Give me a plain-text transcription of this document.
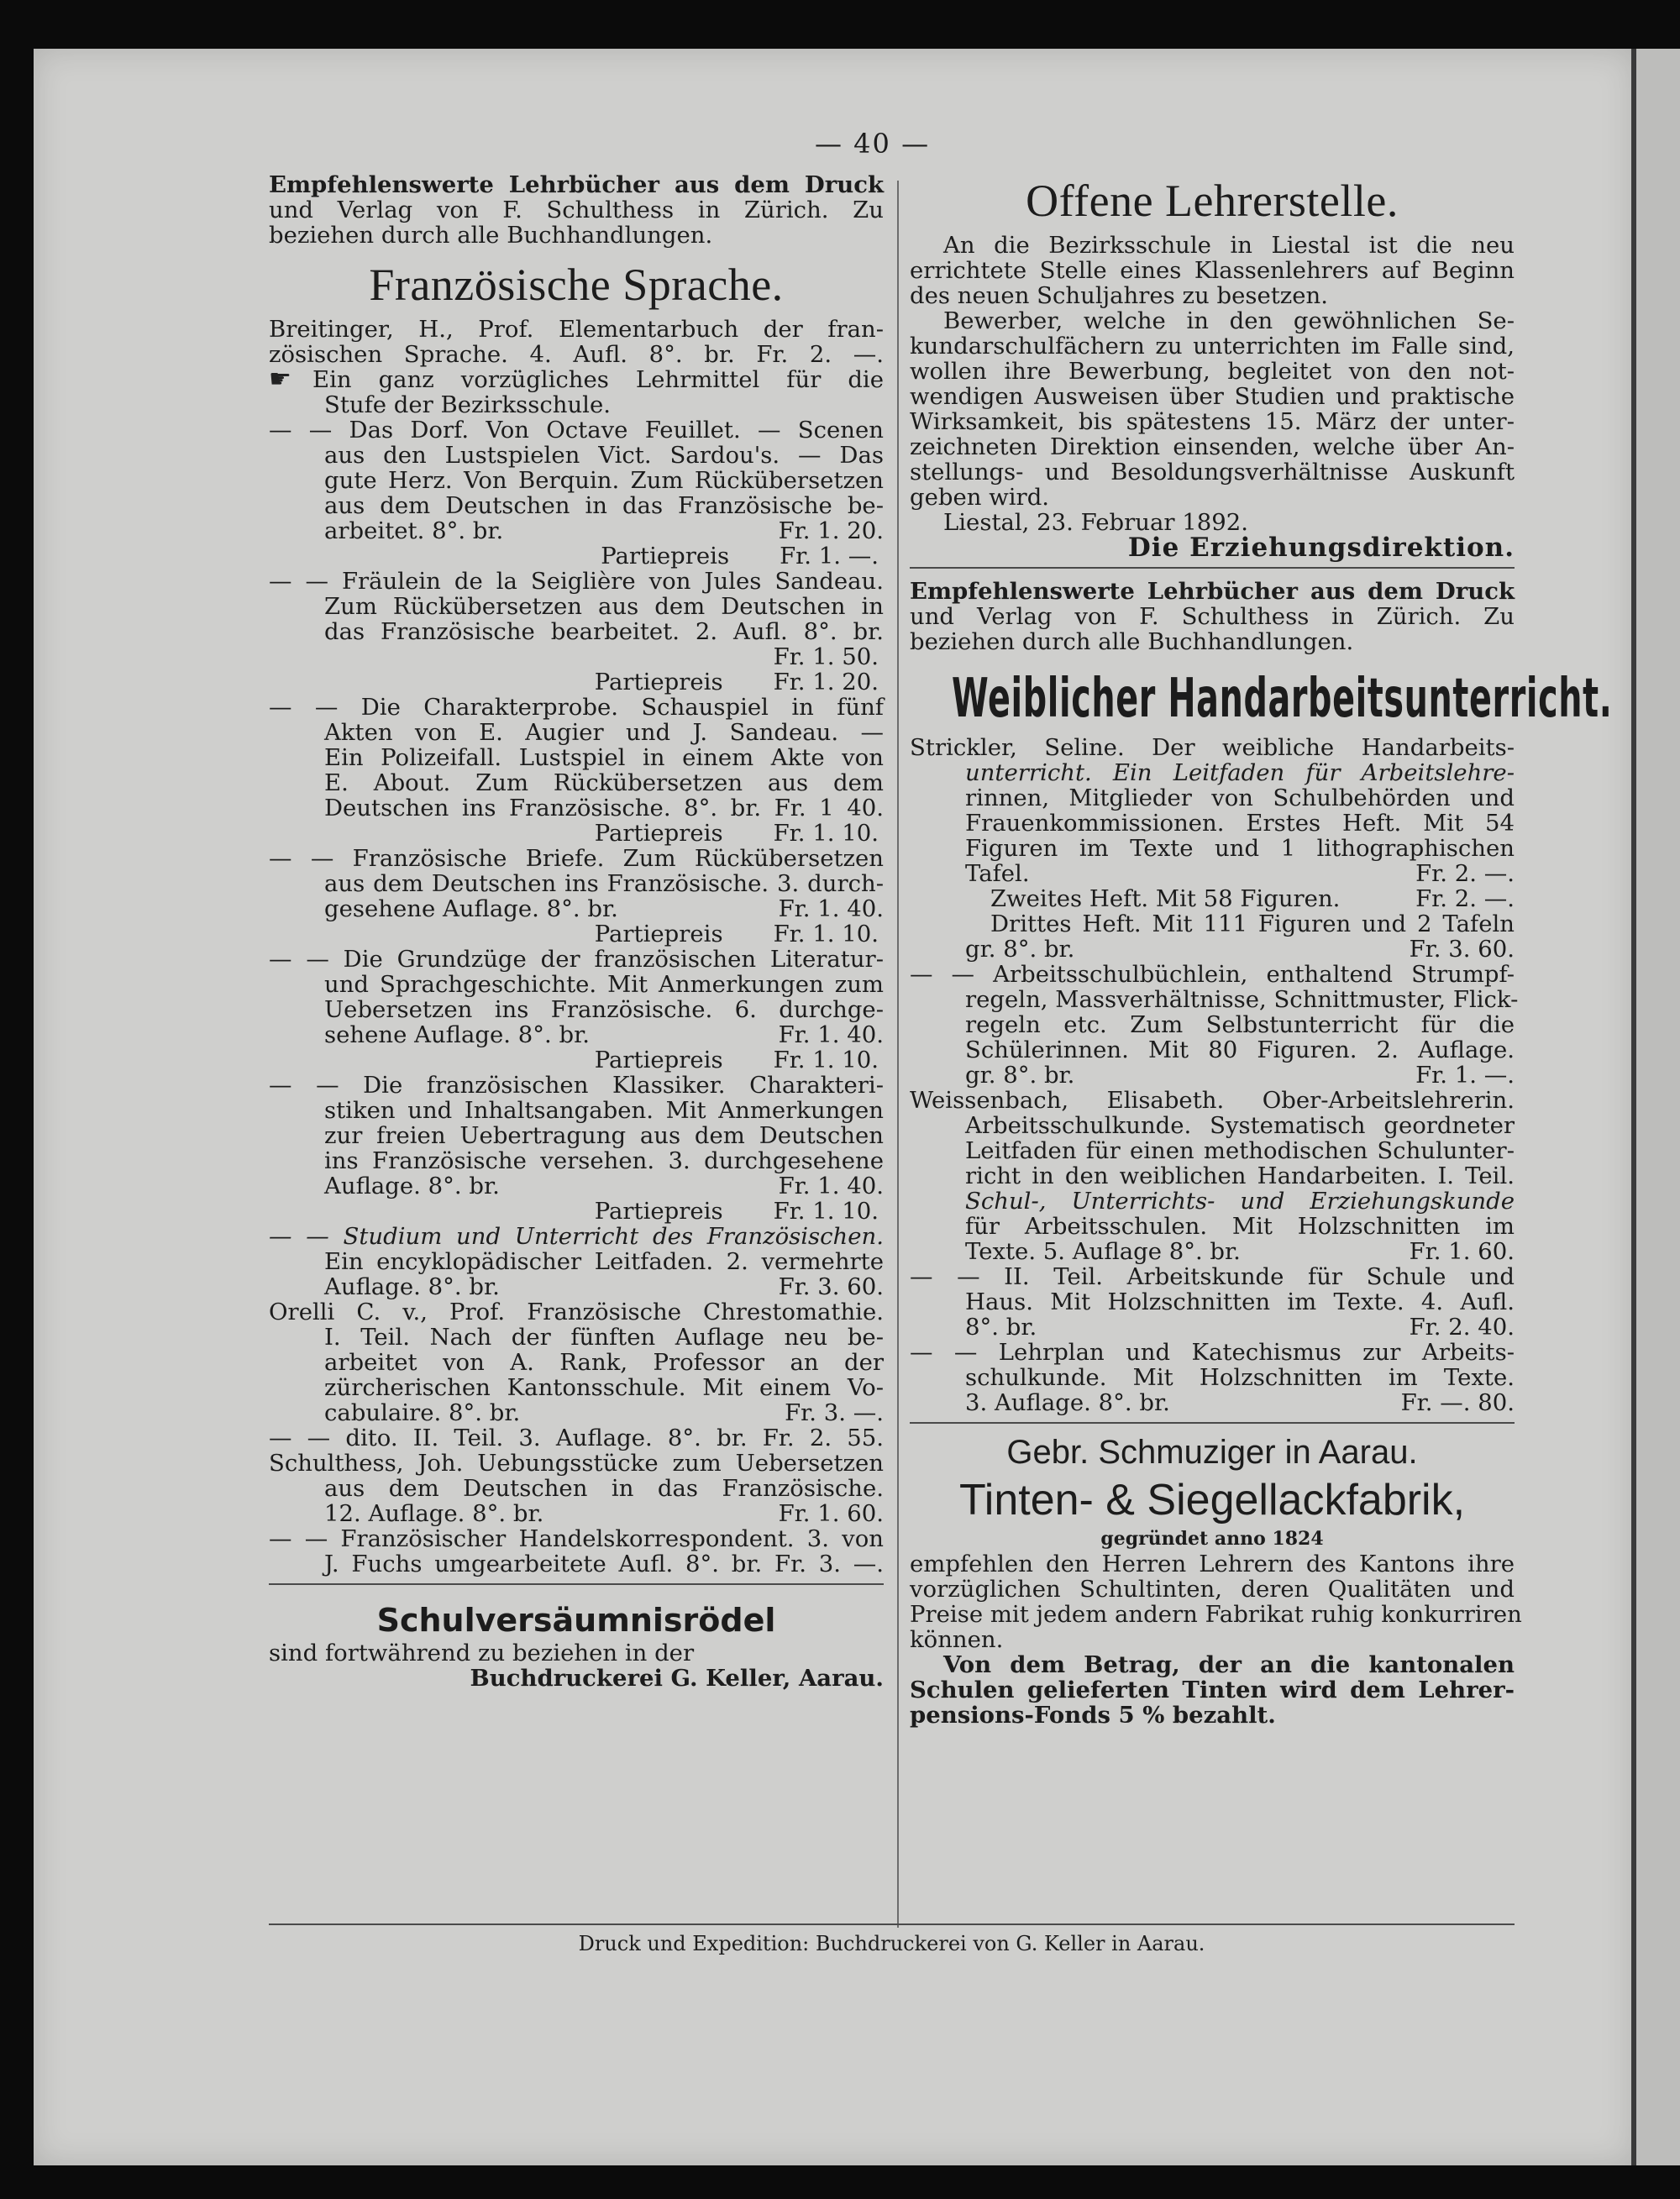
— 40 —
Empfehlenswerte Lehrbücher aus dem Druck
und Verlag von F. Schulthess in Zürich. Zu
beziehen durch alle Buchhandlungen.
Französische Sprache.
Breitinger, H., Prof. Elementarbuch der fran-
zösischen Sprache. 4. Aufl. 8°. br. Fr. 2. —.
☛ Ein ganz vorzügliches Lehrmittel für die
Stufe der Bezirksschule.
— — Das Dorf. Von Octave Feuillet. — Scenen
aus den Lustspielen Vict. Sardou's. — Das
gute Herz. Von Berquin. Zum Rückübersetzen
aus dem Deutschen in das Französische be-
arbeitet. 8°. br.	Fr. 1. 20.
Partiepreis Fr. 1. —.
— — Fräulein de la Seiglière von Jules Sandeau.
Zum Rückübersetzen aus dem Deutschen in
das Französische bearbeitet. 2. Aufl. 8°. br.
Fr. 1. 50.
Partiepreis Fr. 1. 20.
— — Die Charakterprobe. Schauspiel in fünf
Akten von E. Augier und J. Sandeau. —
Ein Polizeifall. Lustspiel in einem Akte von
E. About. Zum Rückübersetzen aus dem
Deutschen ins Französische. 8°. br. Fr. 1 40.
Partiepreis Fr. 1. 10.
— — Französische Briefe. Zum Rückübersetzen
aus dem Deutschen ins Französische. 3. durch-
gesehene Auflage. 8°. br.	Fr. 1. 40.
Partiepreis Fr. 1. 10.
— — Die Grundzüge der französischen Literatur-
und Sprachgeschichte. Mit Anmerkungen zum
Uebersetzen ins Französische. 6. durchge-
sehene Auflage. 8°. br.	Fr. 1. 40.
Partiepreis Fr. 1. 10.
— — Die französischen Klassiker. Charakteri-
stiken und Inhaltsangaben. Mit Anmerkungen
zur freien Uebertragung aus dem Deutschen
ins Französische versehen. 3. durchgesehene
Auflage. 8°. br.	Fr. 1. 40.
Partiepreis Fr. 1. 10.
— — Studium und Unterricht des Französischen.
Ein encyklopädischer Leitfaden. 2. vermehrte
Auflage. 8°. br.	Fr. 3. 60.
Orelli C. v., Prof. Französische Chrestomathie.
I. Teil. Nach der fünften Auflage neu be-
arbeitet von A. Rank, Professor an der
zürcherischen Kantonsschule. Mit einem Vo-
cabulaire. 8°. br.	Fr. 3. —.
— — dito. II. Teil. 3. Auflage. 8°. br. Fr. 2. 55.
Schulthess, Joh. Uebungsstücke zum Uebersetzen
aus dem Deutschen in das Französische.
12. Auflage. 8°. br.	Fr. 1. 60.
— — Französischer Handelskorrespondent. 3. von
J. Fuchs umgearbeitete Aufl. 8°. br. Fr. 3. —.
Schulversäumnisrödel
sind fortwährend zu beziehen in der
Buchdruckerei G. Keller, Aarau.
Offene Lehrerstelle.
An die Bezirksschule in Liestal ist die neu
errichtete Stelle eines Klassenlehrers auf Beginn
des neuen Schuljahres zu besetzen.
Bewerber, welche in den gewöhnlichen Se-
kundarschulfächern zu unterrichten im Falle sind,
wollen ihre Bewerbung, begleitet von den not-
wendigen Ausweisen über Studien und praktische
Wirksamkeit, bis spätestens 15. März der unter-
zeichneten Direktion einsenden, welche über An-
stellungs- und Besoldungsverhältnisse Auskunft
geben wird.
Liestal, 23. Februar 1892.
Die Erziehungsdirektion.
Empfehlenswerte Lehrbücher aus dem Druck
und Verlag von F. Schulthess in Zürich. Zu
beziehen durch alle Buchhandlungen.
Weiblicher Handarbeitsunterricht.
Strickler, Seline. Der weibliche Handarbeits-
unterricht. Ein Leitfaden für Arbeitslehre-
rinnen, Mitglieder von Schulbehörden und
Frauenkommissionen. Erstes Heft. Mit 54
Figuren im Texte und 1 lithographischen
Tafel.	Fr. 2. —.
Zweites Heft. Mit 58 Figuren.	Fr. 2. —.
Drittes Heft. Mit 111 Figuren und 2 Tafeln
gr. 8°. br.	Fr. 3. 60.
— — Arbeitsschulbüchlein, enthaltend Strumpf-
regeln, Massverhältnisse, Schnittmuster, Flick-
regeln etc. Zum Selbstunterricht für die
Schülerinnen. Mit 80 Figuren. 2. Auflage.
gr. 8°. br.	Fr. 1. —.
Weissenbach, Elisabeth. Ober-Arbeitslehrerin.
Arbeitsschulkunde. Systematisch geordneter
Leitfaden für einen methodischen Schulunter-
richt in den weiblichen Handarbeiten. I. Teil.
Schul-, Unterrichts- und Erziehungskunde
für Arbeitsschulen. Mit Holzschnitten im
Texte. 5. Auflage 8°. br.	Fr. 1. 60.
— — II. Teil. Arbeitskunde für Schule und
Haus. Mit Holzschnitten im Texte. 4. Aufl.
8°. br.	Fr. 2. 40.
— — Lehrplan und Katechismus zur Arbeits-
schulkunde. Mit Holzschnitten im Texte.
3. Auflage. 8°. br.	Fr. —. 80.
Gebr. Schmuziger in Aarau.
Tinten- & Siegellackfabrik,
gegründet anno 1824
empfehlen den Herren Lehrern des Kantons ihre
vorzüglichen Schultinten, deren Qualitäten und
Preise mit jedem andern Fabrikat ruhig konkurriren
können.
Von dem Betrag, der an die kantonalen
Schulen gelieferten Tinten wird dem Lehrer-
pensions-Fonds 5 % bezahlt.
Druck und Expedition: Buchdruckerei von G. Keller in Aarau.
